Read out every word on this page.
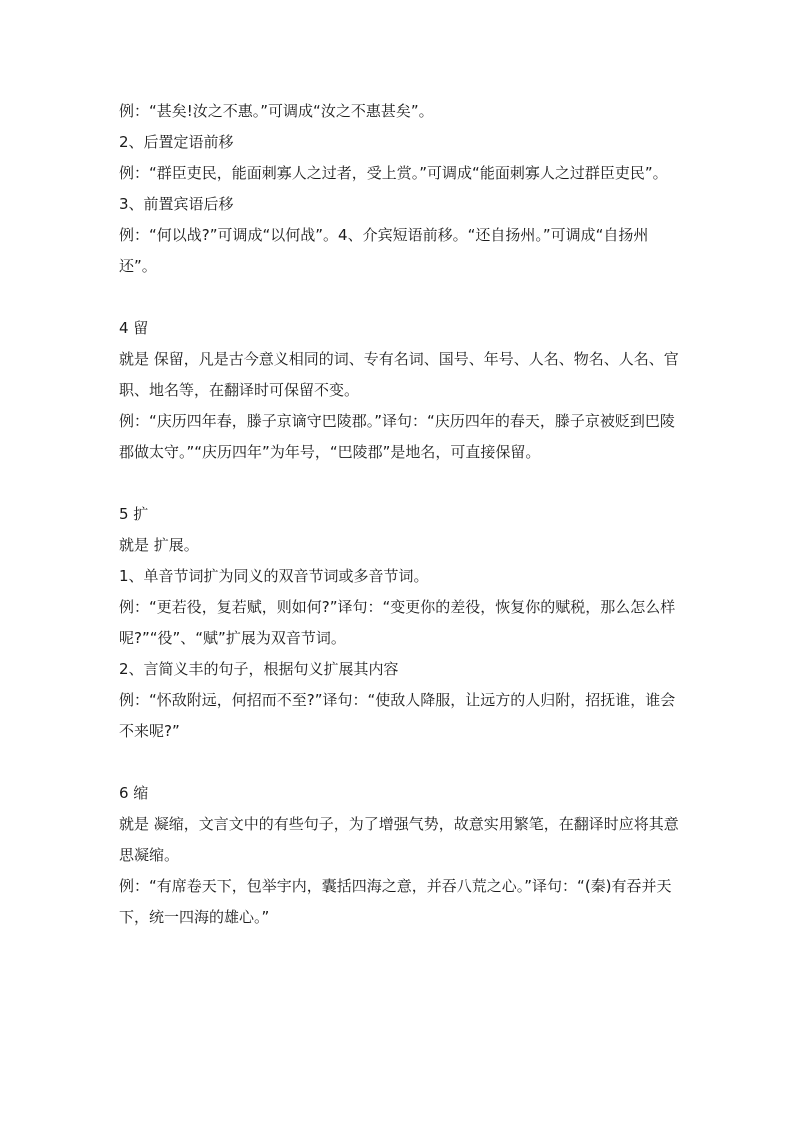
例：“甚矣!汝之不惠。”可调成“汝之不惠甚矣”。

2、后置定语前移

例：“群臣吏民，能面刺寡人之过者，受上赏。”可调成“能面刺寡人之过群臣吏民”。

3、前置宾语后移

例：“何以战?”可调成“以何战”。4、介宾短语前移。“还自扬州。”可调成“自扬州还”。

4 留

就是 保留，凡是古今意义相同的词、专有名词、国号、年号、人名、物名、人名、官职、地名等，在翻译时可保留不变。

例：“庆历四年春，滕子京谪守巴陵郡。”译句：“庆历四年的春天，滕子京被贬到巴陵郡做太守。”“庆历四年”为年号，“巴陵郡”是地名，可直接保留。

5 扩

就是 扩展。

1、单音节词扩为同义的双音节词或多音节词。

例：“更若役，复若赋，则如何?”译句：“变更你的差役，恢复你的赋税，那么怎么样呢?”“役”、“赋”扩展为双音节词。

2、言简义丰的句子，根据句义扩展其内容

例：“怀敌附远，何招而不至?”译句：“使敌人降服，让远方的人归附，招抚谁，谁会不来呢?”

6 缩

就是 凝缩，文言文中的有些句子，为了增强气势，故意实用繁笔，在翻译时应将其意思凝缩。

例：“有席卷天下，包举宇内，囊括四海之意，并吞八荒之心。”译句：“(秦)有吞并天下，统一四海的雄心。”
